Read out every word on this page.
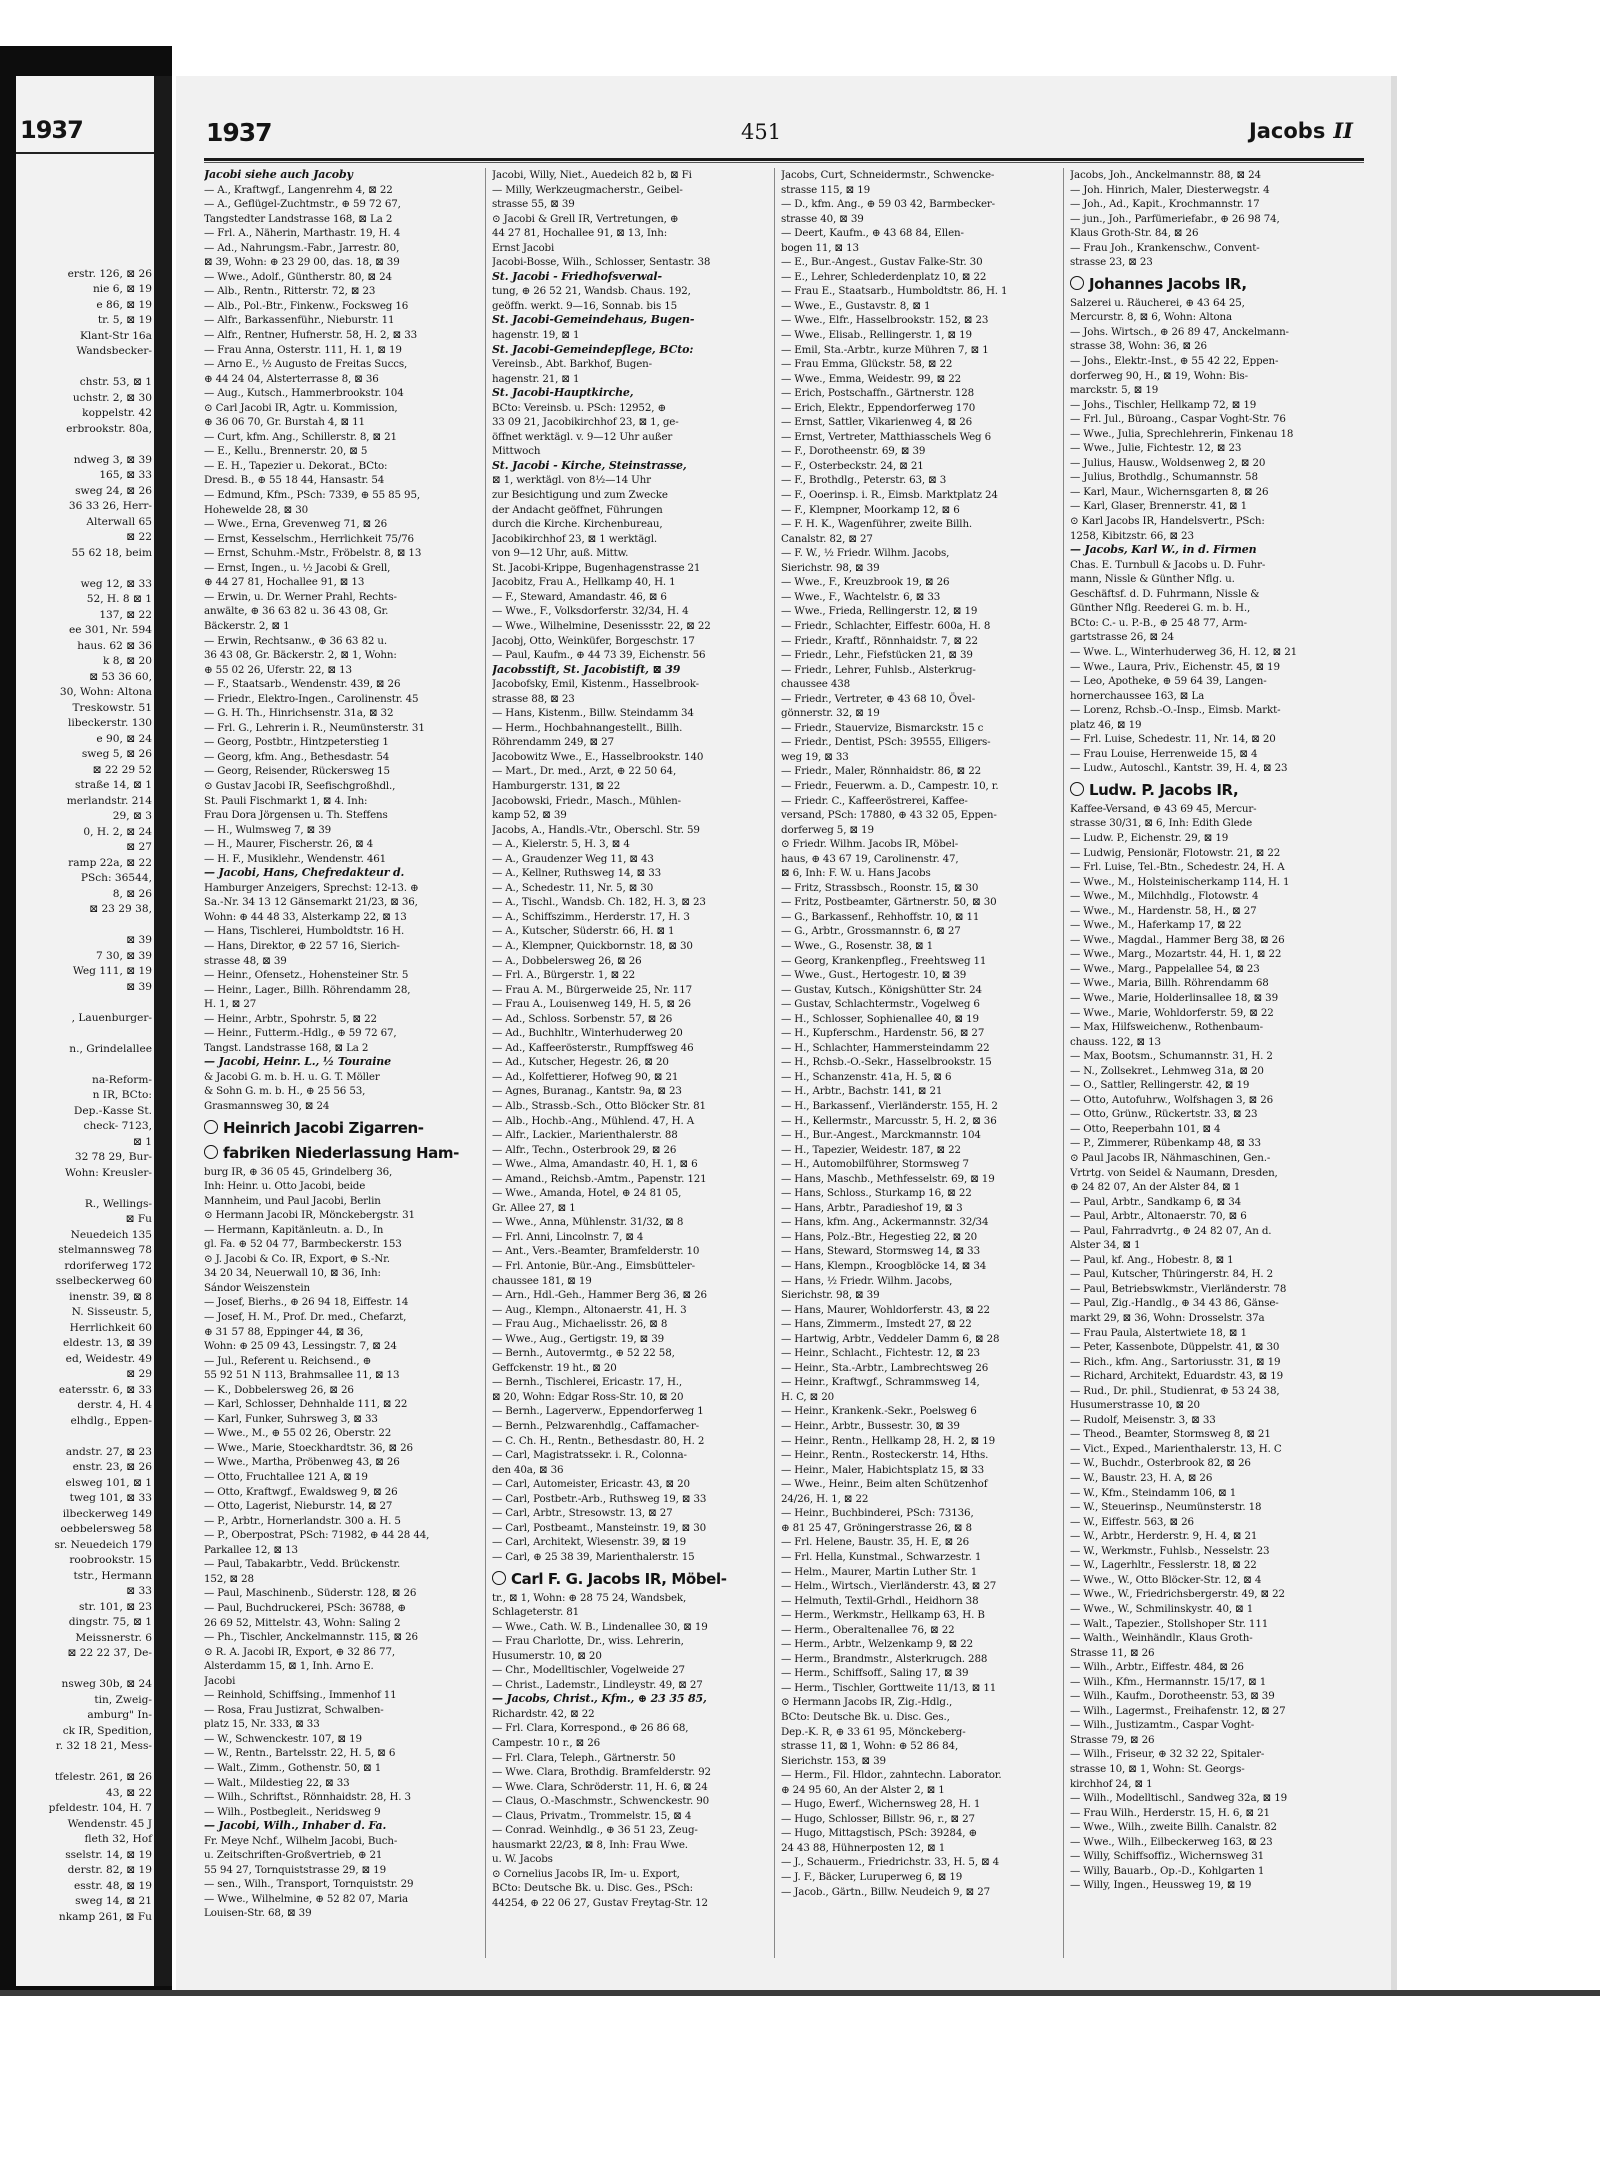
1937

erstr. 126, ⊠ 26
nie 6, ⊠ 19
e 86, ⊠ 19
tr. 5, ⊠ 19
Klant-Str 16a
Wandsbecker-

chstr. 53, ⊠ 1
uchstr. 2, ⊠ 30
koppelstr. 42
erbrookstr. 80a,

ndweg 3, ⊠ 39
165, ⊠ 33
sweg 24, ⊠ 26
36 33 26, Herr-
Alterwall 65
⊠ 22
55 62 18, beim

weg 12, ⊠ 33
52, H. 8 ⊠ 1
137, ⊠ 22
ee 301, Nr. 594
haus. 62 ⊠ 36
k 8, ⊠ 20
⊠ 53 36 60,
30, Wohn: Altona
Treskowstr. 51
libeckerstr. 130
e 90, ⊠ 24
sweg 5, ⊠ 26
⊠ 22 29 52
straße 14, ⊠ 1
merlandstr. 214
29, ⊠ 3
0, H. 2, ⊠ 24
⊠ 27
ramp 22a, ⊠ 22
PSch: 36544,
8, ⊠ 26
⊠ 23 29 38,

⊠ 39
7 30, ⊠ 39
Weg 111, ⊠ 19
⊠ 39

, Lauenburger-

n., Grindelallee

na-Reform-
n IR, BCto:
Dep.-Kasse St.
check- 7123,
⊠ 1
32 78 29, Bur-
Wohn: Kreusler-

R., Wellings-
⊠ Fu
Neuedeich 135
stelmannsweg 78
rdoriferweg 172
sselbeckerweg 60
inenstr. 39, ⊠ 8
N. Sisseustr. 5,
Herrlichkeit 60
eldestr. 13, ⊠ 39
ed, Weidestr. 49
⊠ 29
eatersstr. 6, ⊠ 33
derstr. 4, H. 4
elhdlg., Eppen-

andstr. 27, ⊠ 23
enstr. 23, ⊠ 26
elsweg 101, ⊠ 1
tweg 101, ⊠ 33
ilbeckerweg 149
oebbelersweg 58
sr. Neuedeich 179
roobrookstr. 15
tstr., Hermann
⊠ 33
str. 101, ⊠ 23
dingstr. 75, ⊠ 1
Meissnerstr. 6
⊠ 22 22 37, De-

nsweg 30b, ⊠ 24
tin, Zweig-
amburg" In-
ck IR, Spedition,
r. 32 18 21, Mess-

tfelestr. 261, ⊠ 26
43, ⊠ 22
pfeldestr. 104, H. 7
Wendenstr. 45 J
fleth 32, Hof
sselstr. 14, ⊠ 19
derstr. 82, ⊠ 19
esstr. 48, ⊠ 19
sweg 14, ⊠ 21
nkamp 261, ⊠ Fu
1937	451	Jacobs II
Jacobi siehe auch Jacoby
— A., Kraftwgf., Langenrehm 4, ⊠ 22
— A., Geflügel-Zuchtmstr., ⊕ 59 72 67,
Tangstedter Landstrasse 168, ⊠ La 2
— Frl. A., Näherin, Marthastr. 19, H. 4
— Ad., Nahrungsm.-Fabr., Jarrestr. 80,
⊠ 39, Wohn: ⊕ 23 29 00, das. 18, ⊠ 39
— Wwe., Adolf., Güntherstr. 80, ⊠ 24
— Alb., Rentn., Ritterstr. 72, ⊠ 23
— Alb., Pol.-Btr., Finkenw., Focksweg 16
— Alfr., Barkassenführ., Nieburstr. 11
— Alfr., Rentner, Hufnerstr. 58, H. 2, ⊠ 33
— Frau Anna, Osterstr. 111, H. 1, ⊠ 19
— Arno E., ½ Augusto de Freitas Succs,
⊕ 44 24 04, Alsterterrasse 8, ⊠ 36
— Aug., Kutsch., Hammerbrookstr. 104
⊙ Carl Jacobi IR, Agtr. u. Kommission,
⊕ 36 06 70, Gr. Burstah 4, ⊠ 11
— Curt, kfm. Ang., Schillerstr. 8, ⊠ 21
— E., Kellu., Brennerstr. 20, ⊠ 5
— E. H., Tapezier u. Dekorat., BCto:
Dresd. B., ⊕ 55 18 44, Hansastr. 54
— Edmund, Kfm., PSch: 7339, ⊕ 55 85 95,
Hohewelde 28, ⊠ 30
— Wwe., Erna, Grevenweg 71, ⊠ 26
— Ernst, Kesselschm., Herrlichkeit 75/76
— Ernst, Schuhm.-Mstr., Fröbelstr. 8, ⊠ 13
— Ernst, Ingen., u. ½ Jacobi & Grell,
⊕ 44 27 81, Hochallee 91, ⊠ 13
— Erwin, u. Dr. Werner Prahl, Rechts-
anwälte, ⊕ 36 63 82 u. 36 43 08, Gr.
Bäckerstr. 2, ⊠ 1
— Erwin, Rechtsanw., ⊕ 36 63 82 u.
36 43 08, Gr. Bäckerstr. 2, ⊠ 1, Wohn:
⊕ 55 02 26, Uferstr. 22, ⊠ 13
— F., Staatsarb., Wendenstr. 439, ⊠ 26
— Friedr., Elektro-Ingen., Carolinenstr. 45
— G. H. Th., Hinrichsenstr. 31a, ⊠ 32
— Frl. G., Lehrerin i. R., Neumünsterstr. 31
— Georg, Postbtr., Hintzpeterstieg 1
— Georg, kfm. Ang., Bethesdastr. 54
— Georg, Reisender, Rückersweg 15
⊙ Gustav Jacobi IR, Seefischgroßhdl.,
St. Pauli Fischmarkt 1, ⊠ 4. Inh:
Frau Dora Jörgensen u. Th. Steffens
— H., Wulmsweg 7, ⊠ 39
— H., Maurer, Fischerstr. 26, ⊠ 4
— H. F., Musiklehr., Wendenstr. 461
— Jacobi, Hans, Chefredakteur d.
Hamburger Anzeigers, Sprechst: 12-13. ⊕
Sa.-Nr. 34 13 12 Gänsemarkt 21/23, ⊠ 36,
Wohn: ⊕ 44 48 33, Alsterkamp 22, ⊠ 13
— Hans, Tischlerei, Humboldtstr. 16 H.
— Hans, Direktor, ⊕ 22 57 16, Sierich-
strasse 48, ⊠ 39
— Heinr., Ofensetz., Hohensteiner Str. 5
— Heinr., Lager., Billh. Röhrendamm 28,
H. 1, ⊠ 27
— Heinr., Arbtr., Spohrstr. 5, ⊠ 22
— Heinr., Futterm.-Hdlg., ⊕ 59 72 67,
Tangst. Landstrasse 168, ⊠ La 2
— Jacobi, Heinr. L., ½ Touraine
& Jacobi G. m. b. H. u. G. T. Möller
& Sohn G. m. b. H., ⊕ 25 56 53,
Grasmannsweg 30, ⊠ 24
Heinrich Jacobi Zigarren-
fabriken Niederlassung Ham-
burg IR, ⊕ 36 05 45, Grindelberg 36,
Inh: Heinr. u. Otto Jacobi, beide
Mannheim, und Paul Jacobi, Berlin
⊙ Hermann Jacobi IR, Mönckebergstr. 31
— Hermann, Kapitänleutn. a. D., In
gl. Fa. ⊕ 52 04 77, Barmbeckerstr. 153
⊙ J. Jacobi & Co. IR, Export, ⊕ S.-Nr.
34 20 34, Neuerwall 10, ⊠ 36, Inh:
Sándor Weiszenstein
— Josef, Bierhs., ⊕ 26 94 18, Eiffestr. 14
— Josef, H. M., Prof. Dr. med., Chefarzt,
⊕ 31 57 88, Eppinger 44, ⊠ 36,
Wohn: ⊕ 25 09 43, Lessingstr. 7, ⊠ 24
— Jul., Referent u. Reichsend., ⊕
55 92 51 N 113, Brahmsallee 11, ⊠ 13
— K., Dobbelersweg 26, ⊠ 26
— Karl, Schlosser, Dehnhalde 111, ⊠ 22
— Karl, Funker, Suhrsweg 3, ⊠ 33
— Wwe., M., ⊕ 55 02 26, Oberstr. 22
— Wwe., Marie, Stoeckhardtstr. 36, ⊠ 26
— Wwe., Martha, Pröbenweg 43, ⊠ 26
— Otto, Fruchtallee 121 A, ⊠ 19
— Otto, Kraftwgf., Ewaldsweg 9, ⊠ 26
— Otto, Lagerist, Nieburstr. 14, ⊠ 27
— P., Arbtr., Hornerlandstr. 300 a. H. 5
— P., Oberpostrat, PSch: 71982, ⊕ 44 28 44,
Parkallee 12, ⊠ 13
— Paul, Tabakarbtr., Vedd. Brückenstr.
152, ⊠ 28
— Paul, Maschinenb., Süderstr. 128, ⊠ 26
— Paul, Buchdruckerei, PSch: 36788, ⊕
26 69 52, Mittelstr. 43, Wohn: Saling 2
— Ph., Tischler, Anckelmannstr. 115, ⊠ 26
⊙ R. A. Jacobi IR, Export, ⊕ 32 86 77,
Alsterdamm 15, ⊠ 1, Inh. Arno E.
Jacobi
— Reinhold, Schiffsing., Immenhof 11
— Rosa, Frau Justizrat, Schwalben-
platz 15, Nr. 333, ⊠ 33
— W., Schwenckestr. 107, ⊠ 19
— W., Rentn., Bartelsstr. 22, H. 5, ⊠ 6
— Walt., Zimm., Gothenstr. 50, ⊠ 1
— Walt., Mildestieg 22, ⊠ 33
— Wilh., Schriftst., Rönnhaidstr. 28, H. 3
— Wilh., Postbegleit., Neridsweg 9
— Jacobi, Wilh., Inhaber d. Fa.
Fr. Meye Nchf., Wilhelm Jacobi, Buch-
u. Zeitschriften-Großvertrieb, ⊕ 21
55 94 27, Tornquiststrasse 29, ⊠ 19
— sen., Wilh., Transport, Tornquiststr. 29
— Wwe., Wilhelmine, ⊕ 52 82 07, Maria
Louisen-Str. 68, ⊠ 39
Jacobi, Willy, Niet., Auedeich 82 b, ⊠ Fi
— Milly, Werkzeugmacherstr., Geibel-
strasse 55, ⊠ 39
⊙ Jacobi & Grell IR, Vertretungen, ⊕
44 27 81, Hochallee 91, ⊠ 13, Inh:
Ernst Jacobi
Jacobi-Bosse, Wilh., Schlosser, Sentastr. 38
St. Jacobi - Friedhofsverwal-
tung, ⊕ 26 52 21, Wandsb. Chaus. 192,
geöffn. werkt. 9—16, Sonnab. bis 15
St. Jacobi-Gemeindehaus, Bugen-
hagenstr. 19, ⊠ 1
St. Jacobi-Gemeindepflege, BCto:
Vereinsb., Abt. Barkhof, Bugen-
hagenstr. 21, ⊠ 1
St. Jacobi-Hauptkirche,
BCto: Vereinsb. u. PSch: 12952, ⊕
33 09 21, Jacobikirchhof 23, ⊠ 1, ge-
öffnet werktägl. v. 9—12 Uhr außer
Mittwoch
St. Jacobi - Kirche, Steinstrasse,
⊠ 1, werktägl. von 8½—14 Uhr
zur Besichtigung und zum Zwecke
der Andacht geöffnet, Führungen
durch die Kirche. Kirchenbureau,
Jacobikirchhof 23, ⊠ 1 werktägl.
von 9—12 Uhr, auß. Mittw.
St. Jacobi-Krippe, Bugenhagenstrasse 21
Jacobitz, Frau A., Hellkamp 40, H. 1
— F., Steward, Amandastr. 46, ⊠ 6
— Wwe., F., Volksdorferstr. 32/34, H. 4
— Wwe., Wilhelmine, Desenissstr. 22, ⊠ 22
Jacobj, Otto, Weinküfer, Borgeschstr. 17
— Paul, Kaufm., ⊕ 44 73 39, Eichenstr. 56
Jacobsstift, St. Jacobistift, ⊠ 39
Jacobofsky, Emil, Kistenm., Hasselbrook-
strasse 88, ⊠ 23
— Hans, Kistenm., Billw. Steindamm 34
— Herm., Hochbahnangestellt., Billh.
Röhrendamm 249, ⊠ 27
Jacobowitz Wwe., E., Hasselbrookstr. 140
— Mart., Dr. med., Arzt, ⊕ 22 50 64,
Hamburgerstr. 131, ⊠ 22
Jacobowski, Friedr., Masch., Mühlen-
kamp 52, ⊠ 39
Jacobs, A., Handls.-Vtr., Oberschl. Str. 59
— A., Kielerstr. 5, H. 3, ⊠ 4
— A., Graudenzer Weg 11, ⊠ 43
— A., Kellner, Ruthsweg 14, ⊠ 33
— A., Schedestr. 11, Nr. 5, ⊠ 30
— A., Tischl., Wandsb. Ch. 182, H. 3, ⊠ 23
— A., Schiffszimm., Herderstr. 17, H. 3
— A., Kutscher, Süderstr. 66, H. ⊠ 1
— A., Klempner, Quickbornstr. 18, ⊠ 30
— A., Dobbelersweg 26, ⊠ 26
— Frl. A., Bürgerstr. 1, ⊠ 22
— Frau A. M., Bürgerweide 25, Nr. 117
— Frau A., Louisenweg 149, H. 5, ⊠ 26
— Ad., Schloss. Sorbenstr. 57, ⊠ 26
— Ad., Buchhltr., Winterhuderweg 20
— Ad., Kaffeerösterstr., Rumpffsweg 46
— Ad., Kutscher, Hegestr. 26, ⊠ 20
— Ad., Kolfettierer, Hofweg 90, ⊠ 21
— Agnes, Buranag., Kantstr. 9a, ⊠ 23
— Alb., Strassb.-Sch., Otto Blöcker Str. 81
— Alb., Hochb.-Ang., Mühlend. 47, H. A
— Alfr., Lackier., Marienthalerstr. 88
— Alfr., Techn., Osterbrook 29, ⊠ 26
— Wwe., Alma, Amandastr. 40, H. 1, ⊠ 6
— Amand., Reichsb.-Amtm., Papenstr. 121
— Wwe., Amanda, Hotel, ⊕ 24 81 05,
Gr. Allee 27, ⊠ 1
— Wwe., Anna, Mühlenstr. 31/32, ⊠ 8
— Frl. Anni, Lincolnstr. 7, ⊠ 4
— Ant., Vers.-Beamter, Bramfelderstr. 10
— Frl. Antonie, Bür.-Ang., Eimsbütteler-
chaussee 181, ⊠ 19
— Arn., Hdl.-Geh., Hammer Berg 36, ⊠ 26
— Aug., Klempn., Altonaerstr. 41, H. 3
— Frau Aug., Michaelisstr. 26, ⊠ 8
— Wwe., Aug., Gertigstr. 19, ⊠ 39
— Bernh., Autovermtg., ⊕ 52 22 58,
Geffckenstr. 19 ht., ⊠ 20
— Bernh., Tischlerei, Ericastr. 17, H.,
⊠ 20, Wohn: Edgar Ross-Str. 10, ⊠ 20
— Bernh., Lagerverw., Eppendorferweg 1
— Bernh., Pelzwarenhdlg., Caffamacher-
— C. Ch. H., Rentn., Bethesdastr. 80, H. 2
— Carl, Magistratssekr. i. R., Colonna-
den 40a, ⊠ 36
— Carl, Automeister, Ericastr. 43, ⊠ 20
— Carl, Postbetr.-Arb., Ruthsweg 19, ⊠ 33
— Carl, Arbtr., Stresowstr. 13, ⊠ 27
— Carl, Postbeamt., Mansteinstr. 19, ⊠ 30
— Carl, Architekt, Wiesenstr. 39, ⊠ 19
— Carl, ⊕ 25 38 39, Marienthalerstr. 15
Carl F. G. Jacobs IR, Möbel-
tr., ⊠ 1, Wohn: ⊕ 28 75 24, Wandsbek,
Schlageterstr. 81
— Wwe., Cath. W. B., Lindenallee 30, ⊠ 19
— Frau Charlotte, Dr., wiss. Lehrerin,
Husumerstr. 10, ⊠ 20
— Chr., Modelltischler, Vogelweide 27
— Christ., Lademstr., Lindleystr. 49, ⊠ 27
— Jacobs, Christ., Kfm., ⊕ 23 35 85,
Richardstr. 42, ⊠ 22
— Frl. Clara, Korrespond., ⊕ 26 86 68,
Campestr. 10 r., ⊠ 26
— Frl. Clara, Teleph., Gärtnerstr. 50
— Wwe. Clara, Brothdig. Bramfelderstr. 92
— Wwe. Clara, Schröderstr. 11, H. 6, ⊠ 24
— Claus, O.-Maschmstr., Schwenckestr. 90
— Claus, Privatm., Trommelstr. 15, ⊠ 4
— Conrad. Weinhdlg., ⊕ 36 51 23, Zeug-
hausmarkt 22/23, ⊠ 8, Inh: Frau Wwe.
u. W. Jacobs
⊙ Cornelius Jacobs IR, Im- u. Export,
BCto: Deutsche Bk. u. Disc. Ges., PSch:
44254, ⊕ 22 06 27, Gustav Freytag-Str. 12
Jacobs, Curt, Schneidermstr., Schwencke-
strasse 115, ⊠ 19
— D., kfm. Ang., ⊕ 59 03 42, Barmbecker-
strasse 40, ⊠ 39
— Deert, Kaufm., ⊕ 43 68 84, Ellen-
bogen 11, ⊠ 13
— E., Bur.-Angest., Gustav Falke-Str. 30
— E., Lehrer, Schlederdenplatz 10, ⊠ 22
— Frau E., Staatsarb., Humboldtstr. 86, H. 1
— Wwe., E., Gustavstr. 8, ⊠ 1
— Wwe., Elfr., Hasselbrookstr. 152, ⊠ 23
— Wwe., Elisab., Rellingerstr. 1, ⊠ 19
— Emil, Sta.-Arbtr., kurze Mühren 7, ⊠ 1
— Frau Emma, Glückstr. 58, ⊠ 22
— Wwe., Emma, Weidestr. 99, ⊠ 22
— Erich, Postschaffn., Gärtnerstr. 128
— Erich, Elektr., Eppendorferweg 170
— Ernst, Sattler, Vikarienweg 4, ⊠ 26
— Ernst, Vertreter, Matthiasschels Weg 6
— F., Dorotheenstr. 69, ⊠ 39
— F., Osterbeckstr. 24, ⊠ 21
— F., Brothdlg., Peterstr. 63, ⊠ 3
— F., Ooerinsp. i. R., Eimsb. Marktplatz 24
— F., Klempner, Moorkamp 12, ⊠ 6
— F. H. K., Wagenführer, zweite Billh.
Canalstr. 82, ⊠ 27
— F. W., ½ Friedr. Wilhm. Jacobs,
Sierichstr. 98, ⊠ 39
— Wwe., F., Kreuzbrook 19, ⊠ 26
— Wwe., F., Wachtelstr. 6, ⊠ 33
— Wwe., Frieda, Rellingerstr. 12, ⊠ 19
— Friedr., Schlachter, Eiffestr. 600a, H. 8
— Friedr., Kraftf., Rönnhaidstr. 7, ⊠ 22
— Friedr., Lehr., Fiefstücken 21, ⊠ 39
— Friedr., Lehrer, Fuhlsb., Alsterkrug-
chaussee 438
— Friedr., Vertreter, ⊕ 43 68 10, Övel-
gönnerstr. 32, ⊠ 19
— Friedr., Stauervize, Bismarckstr. 15 c
— Friedr., Dentist, PSch: 39555, Elligers-
weg 19, ⊠ 33
— Friedr., Maler, Rönnhaidstr. 86, ⊠ 22
— Friedr., Feuerwm. a. D., Campestr. 10, r.
— Friedr. C., Kaffeeröstrerei, Kaffee-
versand, PSch: 17880, ⊕ 43 32 05, Eppen-
dorferweg 5, ⊠ 19
⊙ Friedr. Wilhm. Jacobs IR, Möbel-
haus, ⊕ 43 67 19, Carolinenstr. 47,
⊠ 6, Inh: F. W. u. Hans Jacobs
— Fritz, Strassbsch., Roonstr. 15, ⊠ 30
— Fritz, Postbeamter, Gärtnerstr. 50, ⊠ 30
— G., Barkassenf., Rehhoffstr. 10, ⊠ 11
— G., Arbtr., Grossmannstr. 6, ⊠ 27
— Wwe., G., Rosenstr. 38, ⊠ 1
— Georg, Krankenpfleg., Freehtsweg 11
— Wwe., Gust., Hertogestr. 10, ⊠ 39
— Gustav, Kutsch., Königshütter Str. 24
— Gustav, Schlachtermstr., Vogelweg 6
— H., Schlosser, Sophienallee 40, ⊠ 19
— H., Kupferschm., Hardenstr. 56, ⊠ 27
— H., Schlachter, Hammersteindamm 22
— H., Rchsb.-O.-Sekr., Hasselbrookstr. 15
— H., Schanzenstr. 41a, H. 5, ⊠ 6
— H., Arbtr., Bachstr. 141, ⊠ 21
— H., Barkassenf., Vierländerstr. 155, H. 2
— H., Kellermstr., Marcusstr. 5, H. 2, ⊠ 36
— H., Bur.-Angest., Marckmannstr. 104
— H., Tapezier, Weidestr. 187, ⊠ 22
— H., Automobilführer, Stormsweg 7
— Hans, Maschb., Methfesselstr. 69, ⊠ 19
— Hans, Schloss., Sturkamp 16, ⊠ 22
— Hans, Arbtr., Paradieshof 19, ⊠ 3
— Hans, kfm. Ang., Ackermannstr. 32/34
— Hans, Polz.-Btr., Hegestieg 22, ⊠ 20
— Hans, Steward, Stormsweg 14, ⊠ 33
— Hans, Klempn., Kroogblöcke 14, ⊠ 34
— Hans, ½ Friedr. Wilhm. Jacobs,
Sierichstr. 98, ⊠ 39
— Hans, Maurer, Wohldorferstr. 43, ⊠ 22
— Hans, Zimmerm., Imstedt 27, ⊠ 22
— Hartwig, Arbtr., Veddeler Damm 6, ⊠ 28
— Heinr., Schlacht., Fichtestr. 12, ⊠ 23
— Heinr., Sta.-Arbtr., Lambrechtsweg 26
— Heinr., Kraftwgf., Schrammsweg 14,
H. C, ⊠ 20
— Heinr., Krankenk.-Sekr., Poelsweg 6
— Heinr., Arbtr., Bussestr. 30, ⊠ 39
— Heinr., Rentn., Hellkamp 28, H. 2, ⊠ 19
— Heinr., Rentn., Rosteckerstr. 14, Hths.
— Heinr., Maler, Habichtsplatz 15, ⊠ 33
— Wwe., Heinr., Beim alten Schützenhof
24/26, H. 1, ⊠ 22
— Heinr., Buchbinderei, PSch: 73136,
⊕ 81 25 47, Gröningerstrasse 26, ⊠ 8
— Frl. Helene, Baustr. 35, H. E, ⊠ 26
— Frl. Hella, Kunstmal., Schwarzestr. 1
— Helm., Maurer, Martin Luther Str. 1
— Helm., Wirtsch., Vierländerstr. 43, ⊠ 27
— Helmuth, Textil-Grhdl., Heidhorn 38
— Herm., Werkmstr., Hellkamp 63, H. B
— Herm., Oberaltenallee 76, ⊠ 22
— Herm., Arbtr., Welzenkamp 9, ⊠ 22
— Herm., Brandmstr., Alsterkrugch. 288
— Herm., Schiffsoff., Saling 17, ⊠ 39
— Herm., Tischler, Gorttweite 11/13, ⊠ 11
⊙ Hermann Jacobs IR, Zig.-Hdlg.,
BCto: Deutsche Bk. u. Disc. Ges.,
Dep.-K. R, ⊕ 33 61 95, Mönckeberg-
strasse 11, ⊠ 1, Wohn: ⊕ 52 86 84,
Sierichstr. 153, ⊠ 39
— Herm., Fil. Hldor., zahntechn. Laborator.
⊕ 24 95 60, An der Alster 2, ⊠ 1
— Hugo, Ewerf., Wichernsweg 28, H. 1
— Hugo, Schlosser, Billstr. 96, r., ⊠ 27
— Hugo, Mittagstisch, PSch: 39284, ⊕
24 43 88, Hühnerposten 12, ⊠ 1
— J., Schauerm., Friedrichstr. 33, H. 5, ⊠ 4
— J. F., Bäcker, Luruperweg 6, ⊠ 19
— Jacob., Gärtn., Billw. Neudeich 9, ⊠ 27
Jacobs, Joh., Anckelmannstr. 88, ⊠ 24
— Joh. Hinrich, Maler, Diesterwegstr. 4
— Joh., Ad., Kapit., Krochmannstr. 17
— jun., Joh., Parfümeriefabr., ⊕ 26 98 74,
Klaus Groth-Str. 84, ⊠ 26
— Frau Joh., Krankenschw., Convent-
strasse 23, ⊠ 23
Johannes Jacobs IR,
Salzerei u. Räucherei, ⊕ 43 64 25,
Mercurstr. 8, ⊠ 6, Wohn: Altona
— Johs. Wirtsch., ⊕ 26 89 47, Anckelmann-
strasse 38, Wohn: 36, ⊠ 26
— Johs., Elektr.-Inst., ⊕ 55 42 22, Eppen-
dorferweg 90, H., ⊠ 19, Wohn: Bis-
marckstr. 5, ⊠ 19
— Johs., Tischler, Hellkamp 72, ⊠ 19
— Frl. Jul., Büroang., Caspar Voght-Str. 76
— Wwe., Julia, Sprechlehrerin, Finkenau 18
— Wwe., Julie, Fichtestr. 12, ⊠ 23
— Julius, Hausw., Woldsenweg 2, ⊠ 20
— Julius, Brothdlg., Schumannstr. 58
— Karl, Maur., Wichernsgarten 8, ⊠ 26
— Karl, Glaser, Brennerstr. 41, ⊠ 1
⊙ Karl Jacobs IR, Handelsvertr., PSch:
1258, Kibitzstr. 66, ⊠ 23
— Jacobs, Karl W., in d. Firmen
Chas. E. Turnbull & Jacobs u. D. Fuhr-
mann, Nissle & Günther Nflg. u.
Geschäftsf. d. D. Fuhrmann, Nissle &
Günther Nflg. Reederei G. m. b. H.,
BCto: C.- u. P.-B., ⊕ 25 48 77, Arm-
gartstrasse 26, ⊠ 24
— Wwe. L., Winterhuderweg 36, H. 12, ⊠ 21
— Wwe., Laura, Priv., Eichenstr. 45, ⊠ 19
— Leo, Apotheke, ⊕ 59 64 39, Langen-
hornerchaussee 163, ⊠ La
— Lorenz, Rchsb.-O.-Insp., Eimsb. Markt-
platz 46, ⊠ 19
— Frl. Luise, Schedestr. 11, Nr. 14, ⊠ 20
— Frau Louise, Herrenweide 15, ⊠ 4
— Ludw., Autoschl., Kantstr. 39, H. 4, ⊠ 23
Ludw. P. Jacobs IR,
Kaffee-Versand, ⊕ 43 69 45, Mercur-
strasse 30/31, ⊠ 6, Inh: Edith Glede
— Ludw. P., Eichenstr. 29, ⊠ 19
— Ludwig, Pensionär, Flotowstr. 21, ⊠ 22
— Frl. Luise, Tel.-Btn., Schedestr. 24, H. A
— Wwe., M., Holsteinischerkamp 114, H. 1
— Wwe., M., Milchhdlg., Flotowstr. 4
— Wwe., M., Hardenstr. 58, H., ⊠ 27
— Wwe., M., Haferkamp 17, ⊠ 22
— Wwe., Magdal., Hammer Berg 38, ⊠ 26
— Wwe., Marg., Mozartstr. 44, H. 1, ⊠ 22
— Wwe., Marg., Pappelallee 54, ⊠ 23
— Wwe., Maria, Billh. Röhrendamm 68
— Wwe., Marie, Holderlinsallee 18, ⊠ 39
— Wwe., Marie, Wohldorferstr. 59, ⊠ 22
— Max, Hilfsweichenw., Rothenbaum-
chauss. 122, ⊠ 13
— Max, Bootsm., Schumannstr. 31, H. 2
— N., Zollsekret., Lehmweg 31a, ⊠ 20
— O., Sattler, Rellingerstr. 42, ⊠ 19
— Otto, Autofuhrw., Wolfshagen 3, ⊠ 26
— Otto, Grünw., Rückertstr. 33, ⊠ 23
— Otto, Reeperbahn 101, ⊠ 4
— P., Zimmerer, Rübenkamp 48, ⊠ 33
⊙ Paul Jacobs IR, Nähmaschinen, Gen.-
Vrtrtg. von Seidel & Naumann, Dresden,
⊕ 24 82 07, An der Alster 84, ⊠ 1
— Paul, Arbtr., Sandkamp 6, ⊠ 34
— Paul, Arbtr., Altonaerstr. 70, ⊠ 6
— Paul, Fahrradvrtg., ⊕ 24 82 07, An d.
Alster 34, ⊠ 1
— Paul, kf. Ang., Hobestr. 8, ⊠ 1
— Paul, Kutscher, Thüringerstr. 84, H. 2
— Paul, Betriebswkmstr., Vierländerstr. 78
— Paul, Zig.-Handlg., ⊕ 34 43 86, Gänse-
markt 29, ⊠ 36, Wohn: Drosselstr. 37a
— Frau Paula, Alstertwiete 18, ⊠ 1
— Peter, Kassenbote, Düppelstr. 41, ⊠ 30
— Rich., kfm. Ang., Sartoriusstr. 31, ⊠ 19
— Richard, Architekt, Eduardstr. 43, ⊠ 19
— Rud., Dr. phil., Studienrat, ⊕ 53 24 38,
Husumerstrasse 10, ⊠ 20
— Rudolf, Meisenstr. 3, ⊠ 33
— Theod., Beamter, Stormsweg 8, ⊠ 21
— Vict., Exped., Marienthalerstr. 13, H. C
— W., Buchdr., Osterbrook 82, ⊠ 26
— W., Baustr. 23, H. A, ⊠ 26
— W., Kfm., Steindamm 106, ⊠ 1
— W., Steuerinsp., Neumünsterstr. 18
— W., Eiffestr. 563, ⊠ 26
— W., Arbtr., Herderstr. 9, H. 4, ⊠ 21
— W., Werkmstr., Fuhlsb., Nesselstr. 23
— W., Lagerhltr., Fesslerstr. 18, ⊠ 22
— Wwe., W., Otto Blöcker-Str. 12, ⊠ 4
— Wwe., W., Friedrichsbergerstr. 49, ⊠ 22
— Wwe., W., Schmilinskystr. 40, ⊠ 1
— Walt., Tapezier., Stollshoper Str. 111
— Walth., Weinhändlr., Klaus Groth-
Strasse 11, ⊠ 26
— Wilh., Arbtr., Eiffestr. 484, ⊠ 26
— Wilh., Kfm., Hermannstr. 15/17, ⊠ 1
— Wilh., Kaufm., Dorotheenstr. 53, ⊠ 39
— Wilh., Lagermst., Freihafenstr. 12, ⊠ 27
— Wilh., Justizamtm., Caspar Voght-
Strasse 79, ⊠ 26
— Wilh., Friseur, ⊕ 32 32 22, Spitaler-
strasse 10, ⊠ 1, Wohn: St. Georgs-
kirchhof 24, ⊠ 1
— Wilh., Modelltischl., Sandweg 32a, ⊠ 19
— Frau Wilh., Herderstr. 15, H. 6, ⊠ 21
— Wwe., Wilh., zweite Billh. Canalstr. 82
— Wwe., Wilh., Eilbeckerweg 163, ⊠ 23
— Willy, Schiffsoffiz., Wichernsweg 31
— Willy, Bauarb., Op.-D., Kohlgarten 1
— Willy, Ingen., Heussweg 19, ⊠ 19
